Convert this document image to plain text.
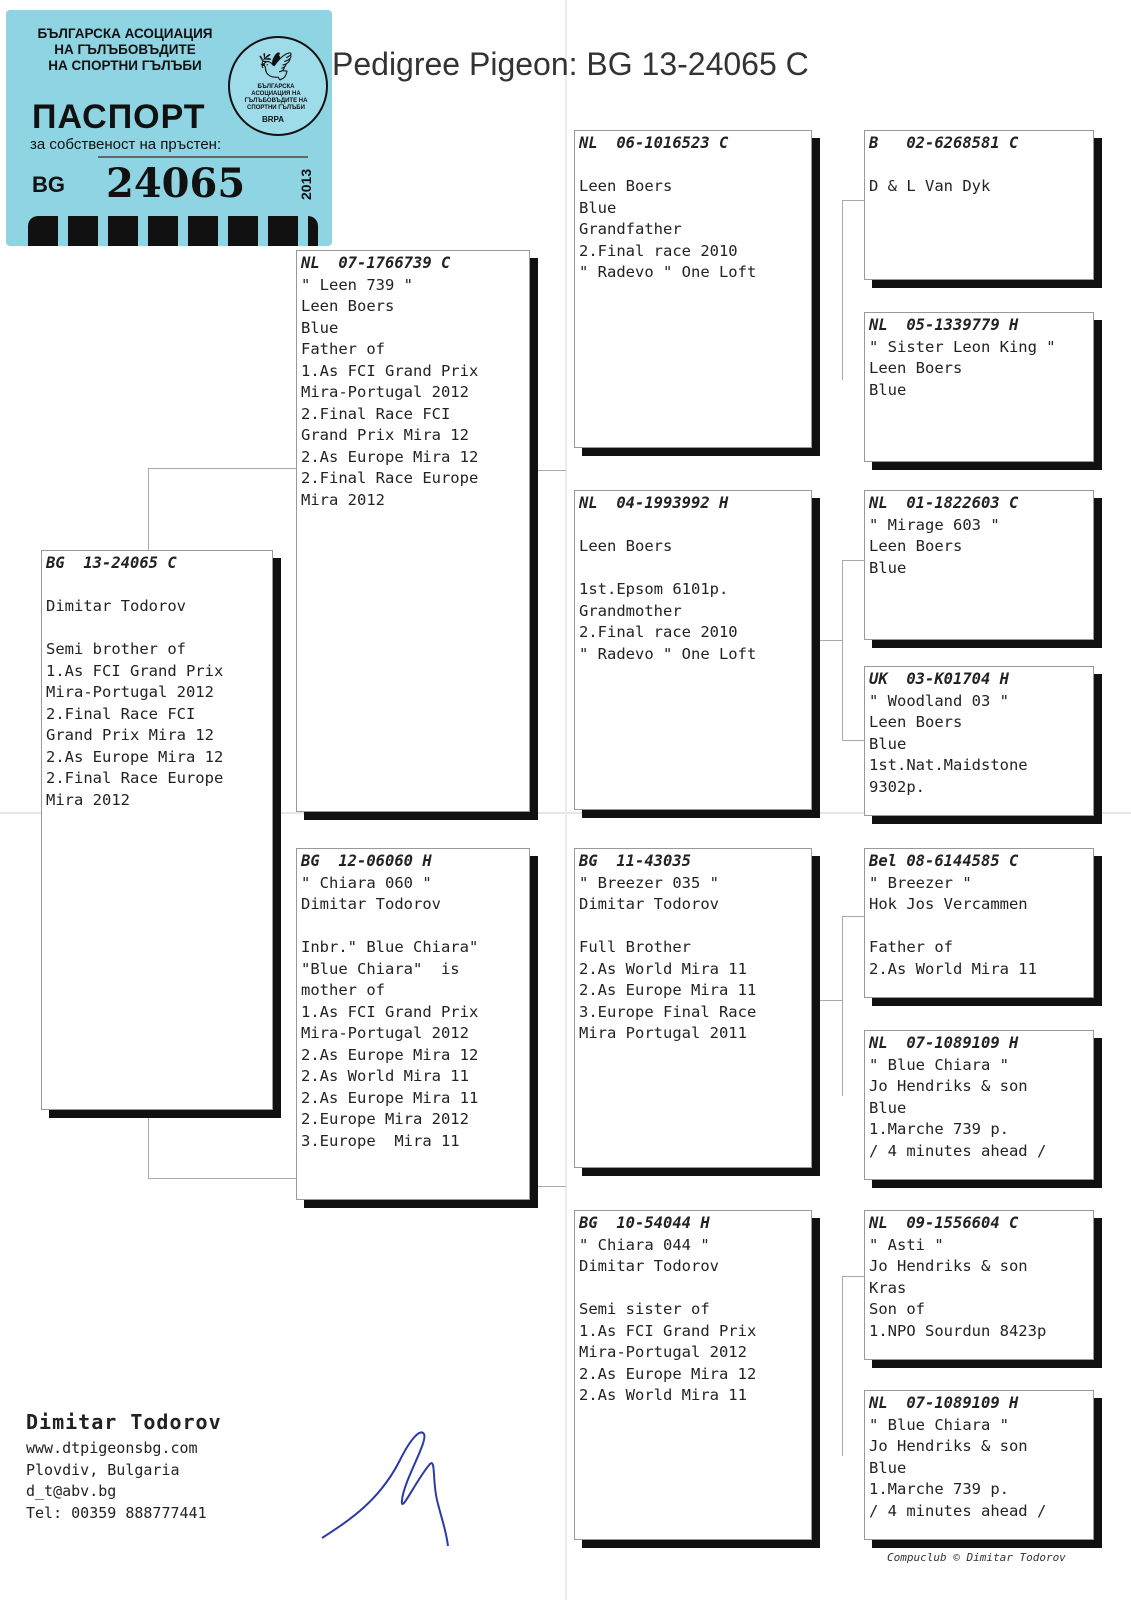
Pedigree Pigeon: BG 13-24065 C
БЪЛГАРСКА АСОЦИАЦИЯ
НА ГЪЛЪБОВЪДИТЕ
НА СПОРТНИ ГЪЛЪБИ	🕊
БЪЛГАРСКА АСОЦИАЦИЯ НА ГЪЛЪБОВЪДИТЕ НА СПОРТНИ ГЪЛЪБИ
BRPA
ПАСПОРТ
за собственост на пръстен:
BG 24065	2013
BG  13-24065 C
Dimitar Todorov
Semi brother of
1.As FCI Grand Prix
Mira-Portugal 2012
2.Final Race FCI
Grand Prix Mira 12
2.As Europe Mira 12
2.Final Race Europe
Mira 2012
NL  07-1766739 C
" Leen 739 "
Leen Boers
Blue
Father of
1.As FCI Grand Prix
Mira-Portugal 2012
2.Final Race FCI
Grand Prix Mira 12
2.As Europe Mira 12
2.Final Race Europe
Mira 2012
BG  12-06060 H
" Chiara 060 "
Dimitar Todorov
Inbr." Blue Chiara"
"Blue Chiara"  is
mother of
1.As FCI Grand Prix
Mira-Portugal 2012
2.As Europe Mira 12
2.As World Mira 11
2.As Europe Mira 11
2.Europe Mira 2012
3.Europe  Mira 11
NL  06-1016523 C
Leen Boers
Blue
Grandfather
2.Final race 2010
" Radevo " One Loft
NL  04-1993992 H
Leen Boers
1st.Epsom 6101p.
Grandmother
2.Final race 2010
" Radevo " One Loft
BG  11-43035
" Breezer 035 "
Dimitar Todorov
Full Brother
2.As World Mira 11
2.As Europe Mira 11
3.Europe Final Race
Mira Portugal 2011
BG  10-54044 H
" Chiara 044 "
Dimitar Todorov
Semi sister of
1.As FCI Grand Prix
Mira-Portugal 2012
2.As Europe Mira 12
2.As World Mira 11
B   02-6268581 C
D & L Van Dyk
NL  05-1339779 H
" Sister Leon King "
Leen Boers
Blue
NL  01-1822603 C
" Mirage 603 "
Leen Boers
Blue
UK  03-K01704 H
" Woodland 03 "
Leen Boers
Blue
1st.Nat.Maidstone
9302p.
Bel 08-6144585 C
" Breezer "
Hok Jos Vercammen
Father of
2.As World Mira 11
NL  07-1089109 H
" Blue Chiara "
Jo Hendriks & son
Blue
1.Marche 739 p.
/ 4 minutes ahead /
NL  09-1556604 C
" Asti "
Jo Hendriks & son
Kras
Son of
1.NPO Sourdun 8423p
NL  07-1089109 H
" Blue Chiara "
Jo Hendriks & son
Blue
1.Marche 739 p.
/ 4 minutes ahead /
Dimitar Todorov
www.dtpigeonsbg.com
Plovdiv, Bulgaria
d_t@abv.bg
Tel: 00359 888777441
Compuclub © Dimitar Todorov
